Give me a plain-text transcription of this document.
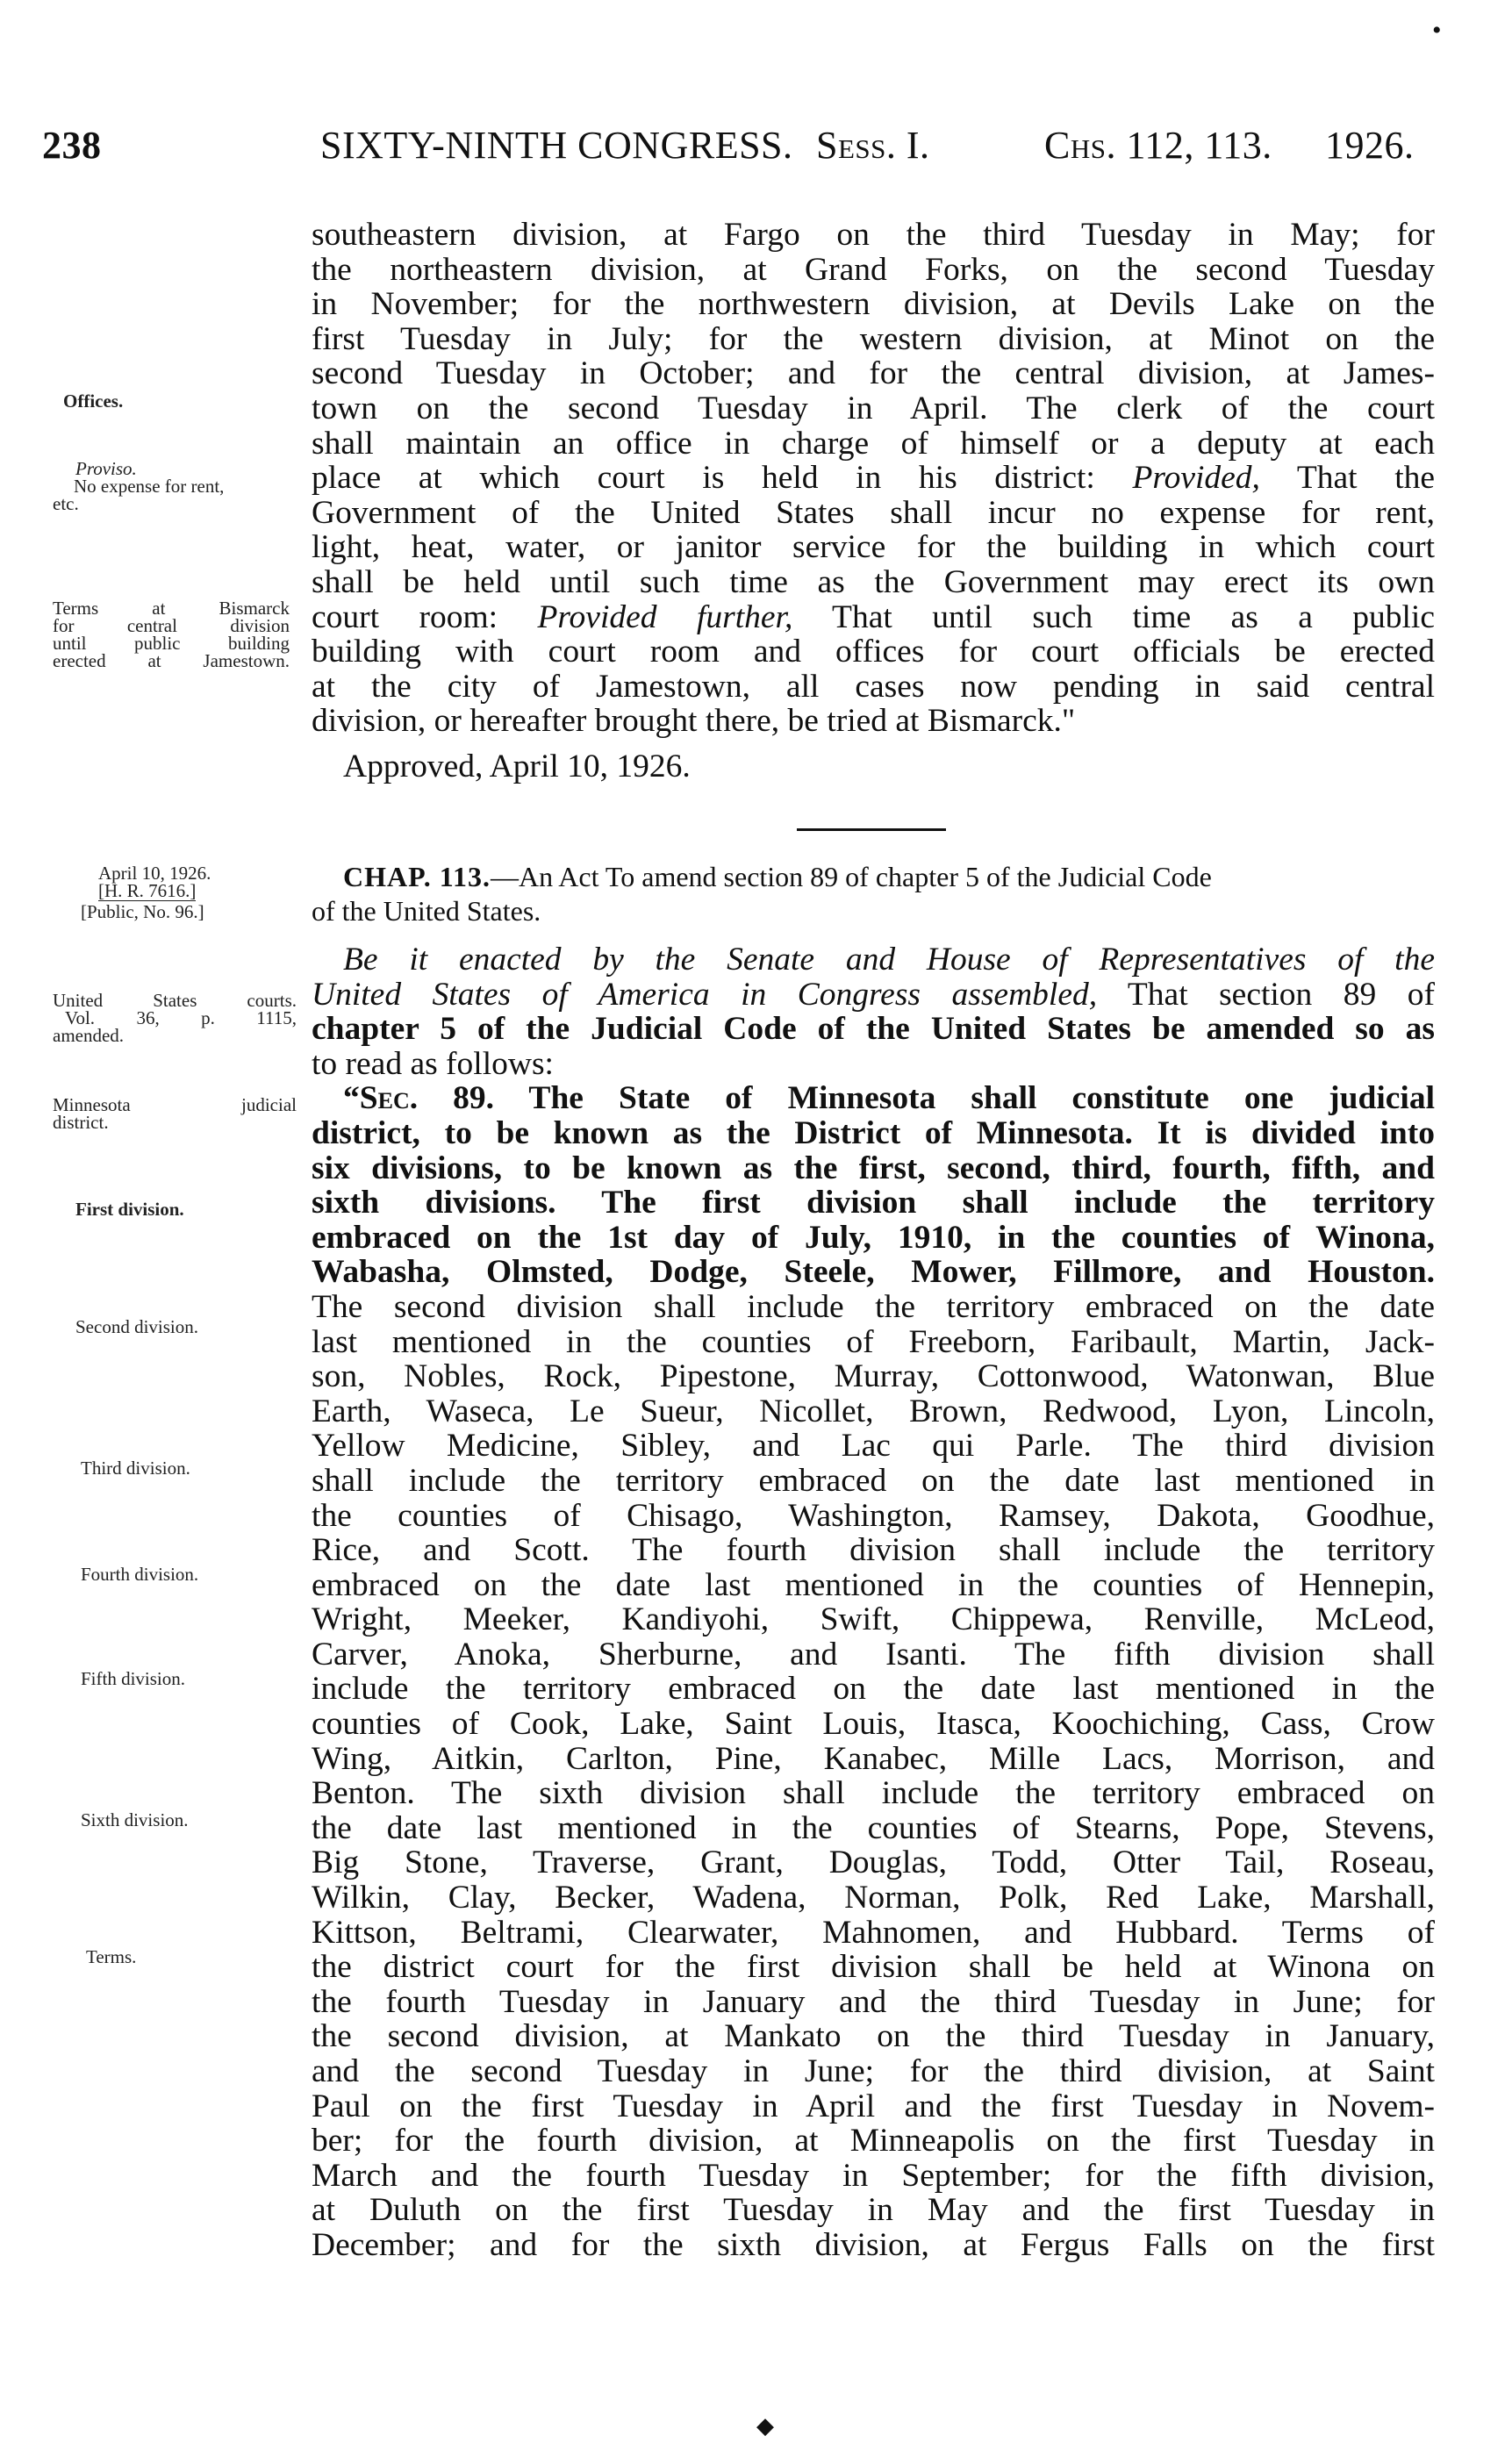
238	SIXTY-NINTH CONGRESS. Sess. I.	Chs. 112, 113. 1926.
•

southeastern division, at Fargo on the third Tuesday in May; for

the northeastern division, at Grand Forks, on the second Tuesday

in November; for the northwestern division, at Devils Lake on the

first Tuesday in July; for the western division, at Minot on the

second Tuesday in October; and for the central division, at James-

town on the second Tuesday in April. The clerk of the court

shall maintain an office in charge of himself or a deputy at each

place at which court is held in his district: Provided, That the

Government of the United States shall incur no expense for rent,

light, heat, water, or janitor service for the building in which court

shall be held until such time as the Government may erect its own

court room: Provided further, That until such time as a public

building with court room and offices for court officials be erected

at the city of Jamestown, all cases now pending in said central

division, or hereafter brought there, be tried at Bismarck."

Approved, April 10, 1926.

Offices.
Proviso.
No expense for rent,
etc.
Terms at Bismarck
for central division
until public building
erected at Jamestown.
April 10, 1926.
[H. R. 7616.]
[Public, No. 96.]
CHAP. 113.—An Act To amend section 89 of chapter 5 of the Judicial Code
of the United States.

Be it enacted by the Senate and House of Representatives of the

United States of America in Congress assembled, That section 89 of

chapter 5 of the Judicial Code of the United States be amended so as

to read as follows:

“Sec. 89. The State of Minnesota shall constitute one judicial

district, to be known as the District of Minnesota. It is divided into

six divisions, to be known as the first, second, third, fourth, fifth, and

sixth divisions. The first division shall include the territory

embraced on the 1st day of July, 1910, in the counties of Winona,

Wabasha, Olmsted, Dodge, Steele, Mower, Fillmore, and Houston.

The second division shall include the territory embraced on the date

last mentioned in the counties of Freeborn, Faribault, Martin, Jack-

son, Nobles, Rock, Pipestone, Murray, Cottonwood, Watonwan, Blue

Earth, Waseca, Le Sueur, Nicollet, Brown, Redwood, Lyon, Lincoln,

Yellow Medicine, Sibley, and Lac qui Parle. The third division

shall include the territory embraced on the date last mentioned in

the counties of Chisago, Washington, Ramsey, Dakota, Goodhue,

Rice, and Scott. The fourth division shall include the territory

embraced on the date last mentioned in the counties of Hennepin,

Wright, Meeker, Kandiyohi, Swift, Chippewa, Renville, McLeod,

Carver, Anoka, Sherburne, and Isanti. The fifth division shall

include the territory embraced on the date last mentioned in the

counties of Cook, Lake, Saint Louis, Itasca, Koochiching, Cass, Crow

Wing, Aitkin, Carlton, Pine, Kanabec, Mille Lacs, Morrison, and

Benton. The sixth division shall include the territory embraced on

the date last mentioned in the counties of Stearns, Pope, Stevens,

Big Stone, Traverse, Grant, Douglas, Todd, Otter Tail, Roseau,

Wilkin, Clay, Becker, Wadena, Norman, Polk, Red Lake, Marshall,

Kittson, Beltrami, Clearwater, Mahnomen, and Hubbard. Terms of

the district court for the first division shall be held at Winona on

the fourth Tuesday in January and the third Tuesday in June; for

the second division, at Mankato on the third Tuesday in January,

and the second Tuesday in June; for the third division, at Saint

Paul on the first Tuesday in April and the first Tuesday in Novem-

ber; for the fourth division, at Minneapolis on the first Tuesday in

March and the fourth Tuesday in September; for the fifth division,

at Duluth on the first Tuesday in May and the first Tuesday in

December; and for the sixth division, at Fergus Falls on the first

United States courts.
Vol. 36, p. 1115,
amended.
Minnesota judicial
district.
First division.
Second division.
Third division.
Fourth division.
Fifth division.
Sixth division.
Terms.
◆
